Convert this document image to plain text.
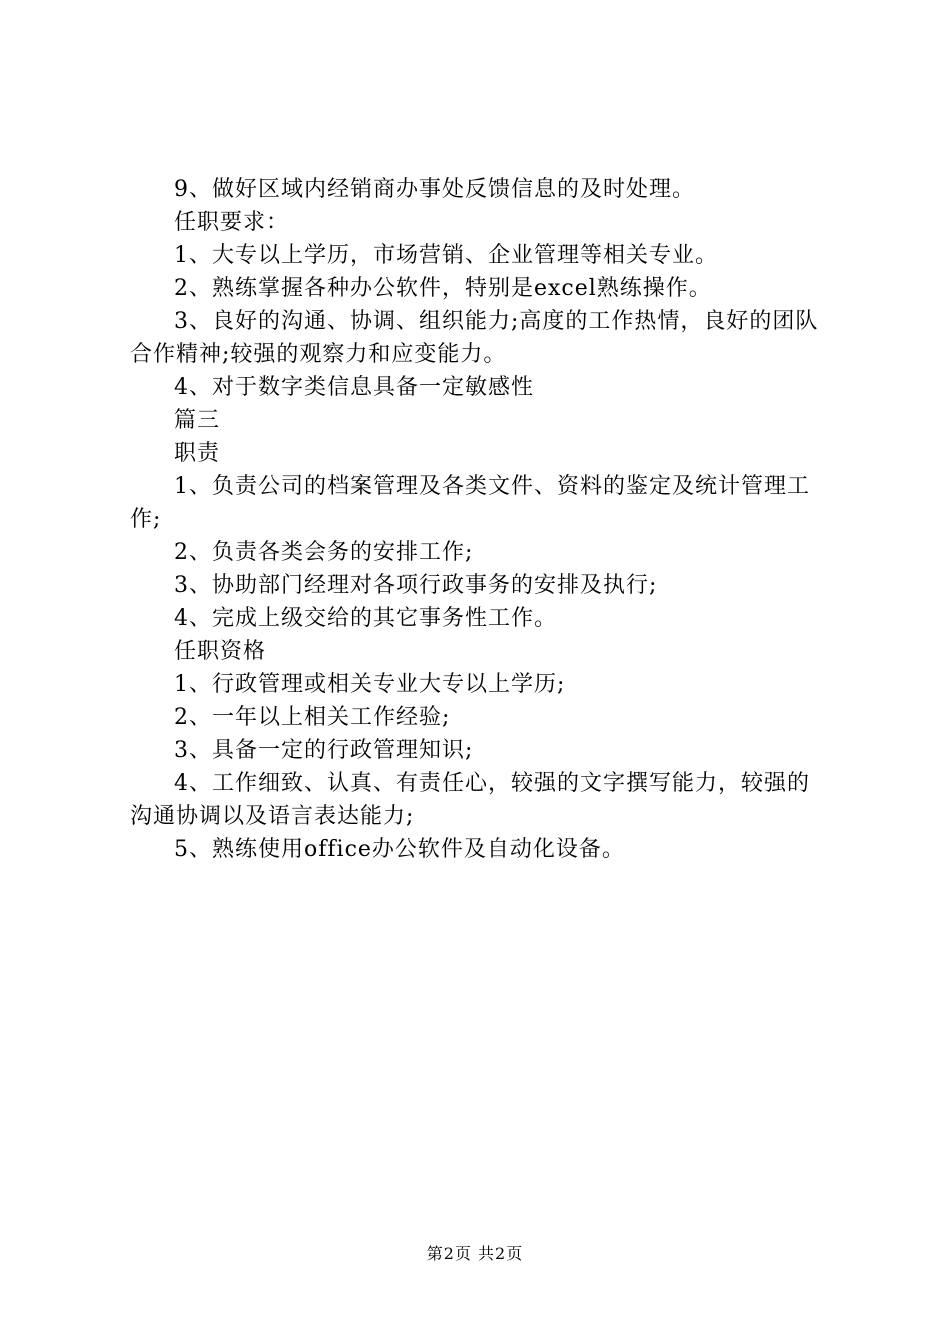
9、做好区域内经销商办事处反馈信息的及时处理。

任职要求：

1、大专以上学历，市场营销、企业管理等相关专业。

2、熟练掌握各种办公软件，特别是excel熟练操作。

3、良好的沟通、协调、组织能力;高度的工作热情，良好的团队合作精神;较强的观察力和应变能力。

4、对于数字类信息具备一定敏感性

篇三

职责

1、负责公司的档案管理及各类文件、资料的鉴定及统计管理工作;

2、负责各类会务的安排工作;

3、协助部门经理对各项行政事务的安排及执行;

4、完成上级交给的其它事务性工作。

任职资格

1、行政管理或相关专业大专以上学历;

2、一年以上相关工作经验;

3、具备一定的行政管理知识;

4、工作细致、认真、有责任心，较强的文字撰写能力，较强的沟通协调以及语言表达能力;

5、熟练使用office办公软件及自动化设备。

第2页 共2页
